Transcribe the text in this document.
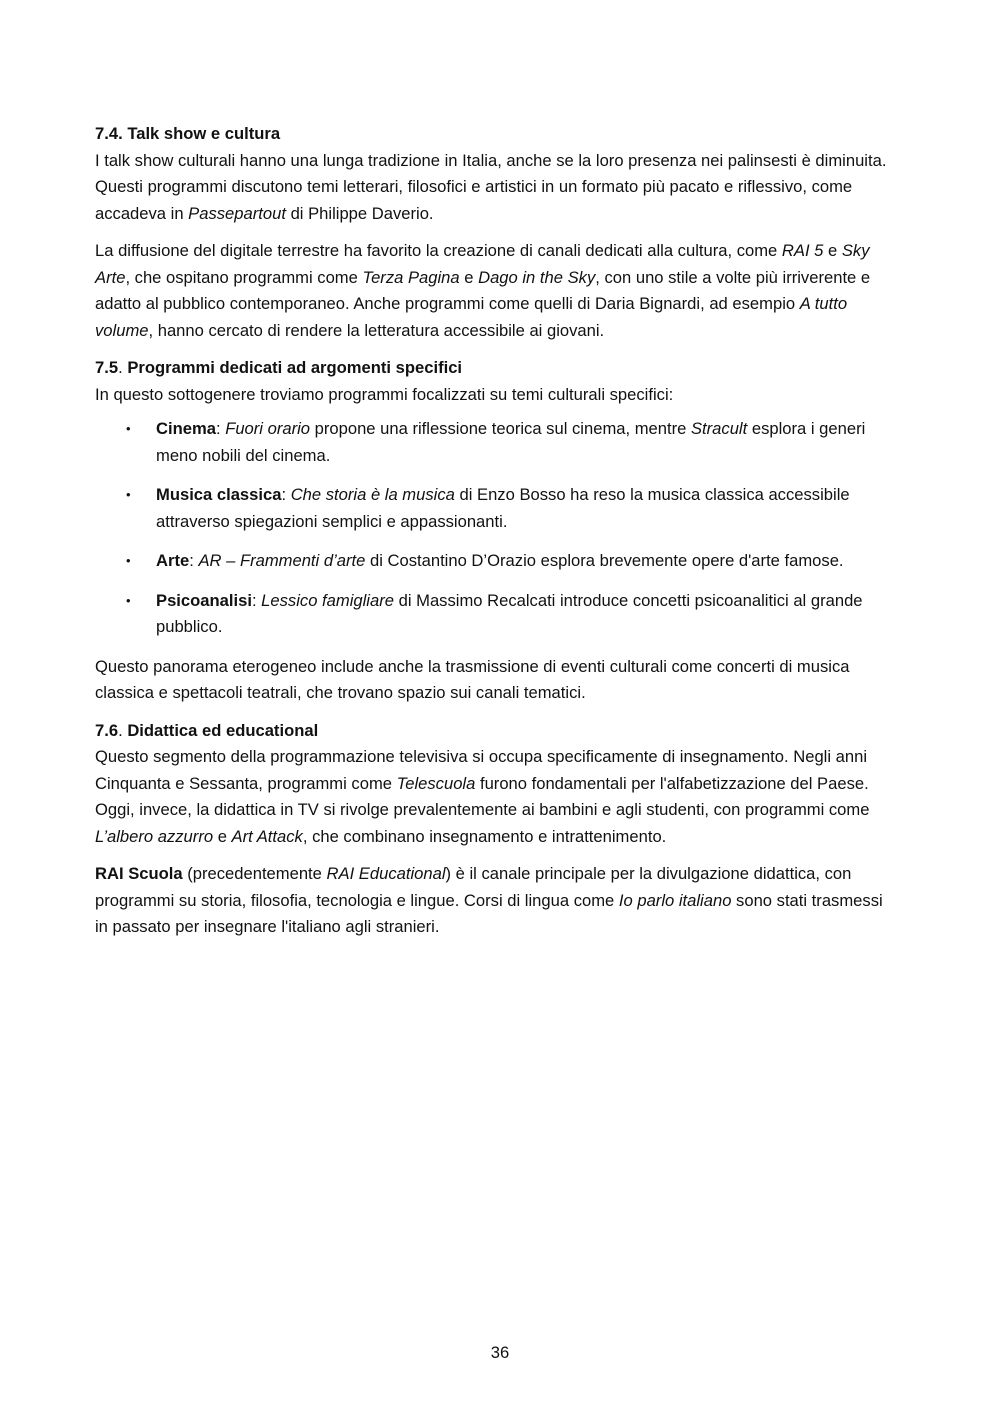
7.4. Talk show e cultura

I talk show culturali hanno una lunga tradizione in Italia, anche se la loro presenza nei palinsesti è diminuita. Questi programmi discutono temi letterari, filosofici e artistici in un formato più pacato e riflessivo, come accadeva in Passepartout di Philippe Daverio.

La diffusione del digitale terrestre ha favorito la creazione di canali dedicati alla cultura, come RAI 5 e Sky Arte, che ospitano programmi come Terza Pagina e Dago in the Sky, con uno stile a volte più irriverente e adatto al pubblico contemporaneo. Anche programmi come quelli di Daria Bignardi, ad esempio A tutto volume, hanno cercato di rendere la letteratura accessibile ai giovani.

7.5. Programmi dedicati ad argomenti specifici

In questo sottogenere troviamo programmi focalizzati su temi culturali specifici:

• Cinema: Fuori orario propone una riflessione teorica sul cinema, mentre Stracult esplora i generi meno nobili del cinema.
• Musica classica: Che storia è la musica di Enzo Bosso ha reso la musica classica accessibile attraverso spiegazioni semplici e appassionanti.
• Arte: AR – Frammenti d’arte di Costantino D’Orazio esplora brevemente opere d'arte famose.
• Psicoanalisi: Lessico famigliare di Massimo Recalcati introduce concetti psicoanalitici al grande pubblico.

Questo panorama eterogeneo include anche la trasmissione di eventi culturali come concerti di musica classica e spettacoli teatrali, che trovano spazio sui canali tematici.

7.6. Didattica ed educational

Questo segmento della programmazione televisiva si occupa specificamente di insegnamento. Negli anni Cinquanta e Sessanta, programmi come Telescuola furono fondamentali per l'alfabetizzazione del Paese. Oggi, invece, la didattica in TV si rivolge prevalentemente ai bambini e agli studenti, con programmi come L’albero azzurro e Art Attack, che combinano insegnamento e intrattenimento.

RAI Scuola (precedentemente RAI Educational) è il canale principale per la divulgazione didattica, con programmi su storia, filosofia, tecnologia e lingue. Corsi di lingua come Io parlo italiano sono stati trasmessi in passato per insegnare l'italiano agli stranieri.

36
